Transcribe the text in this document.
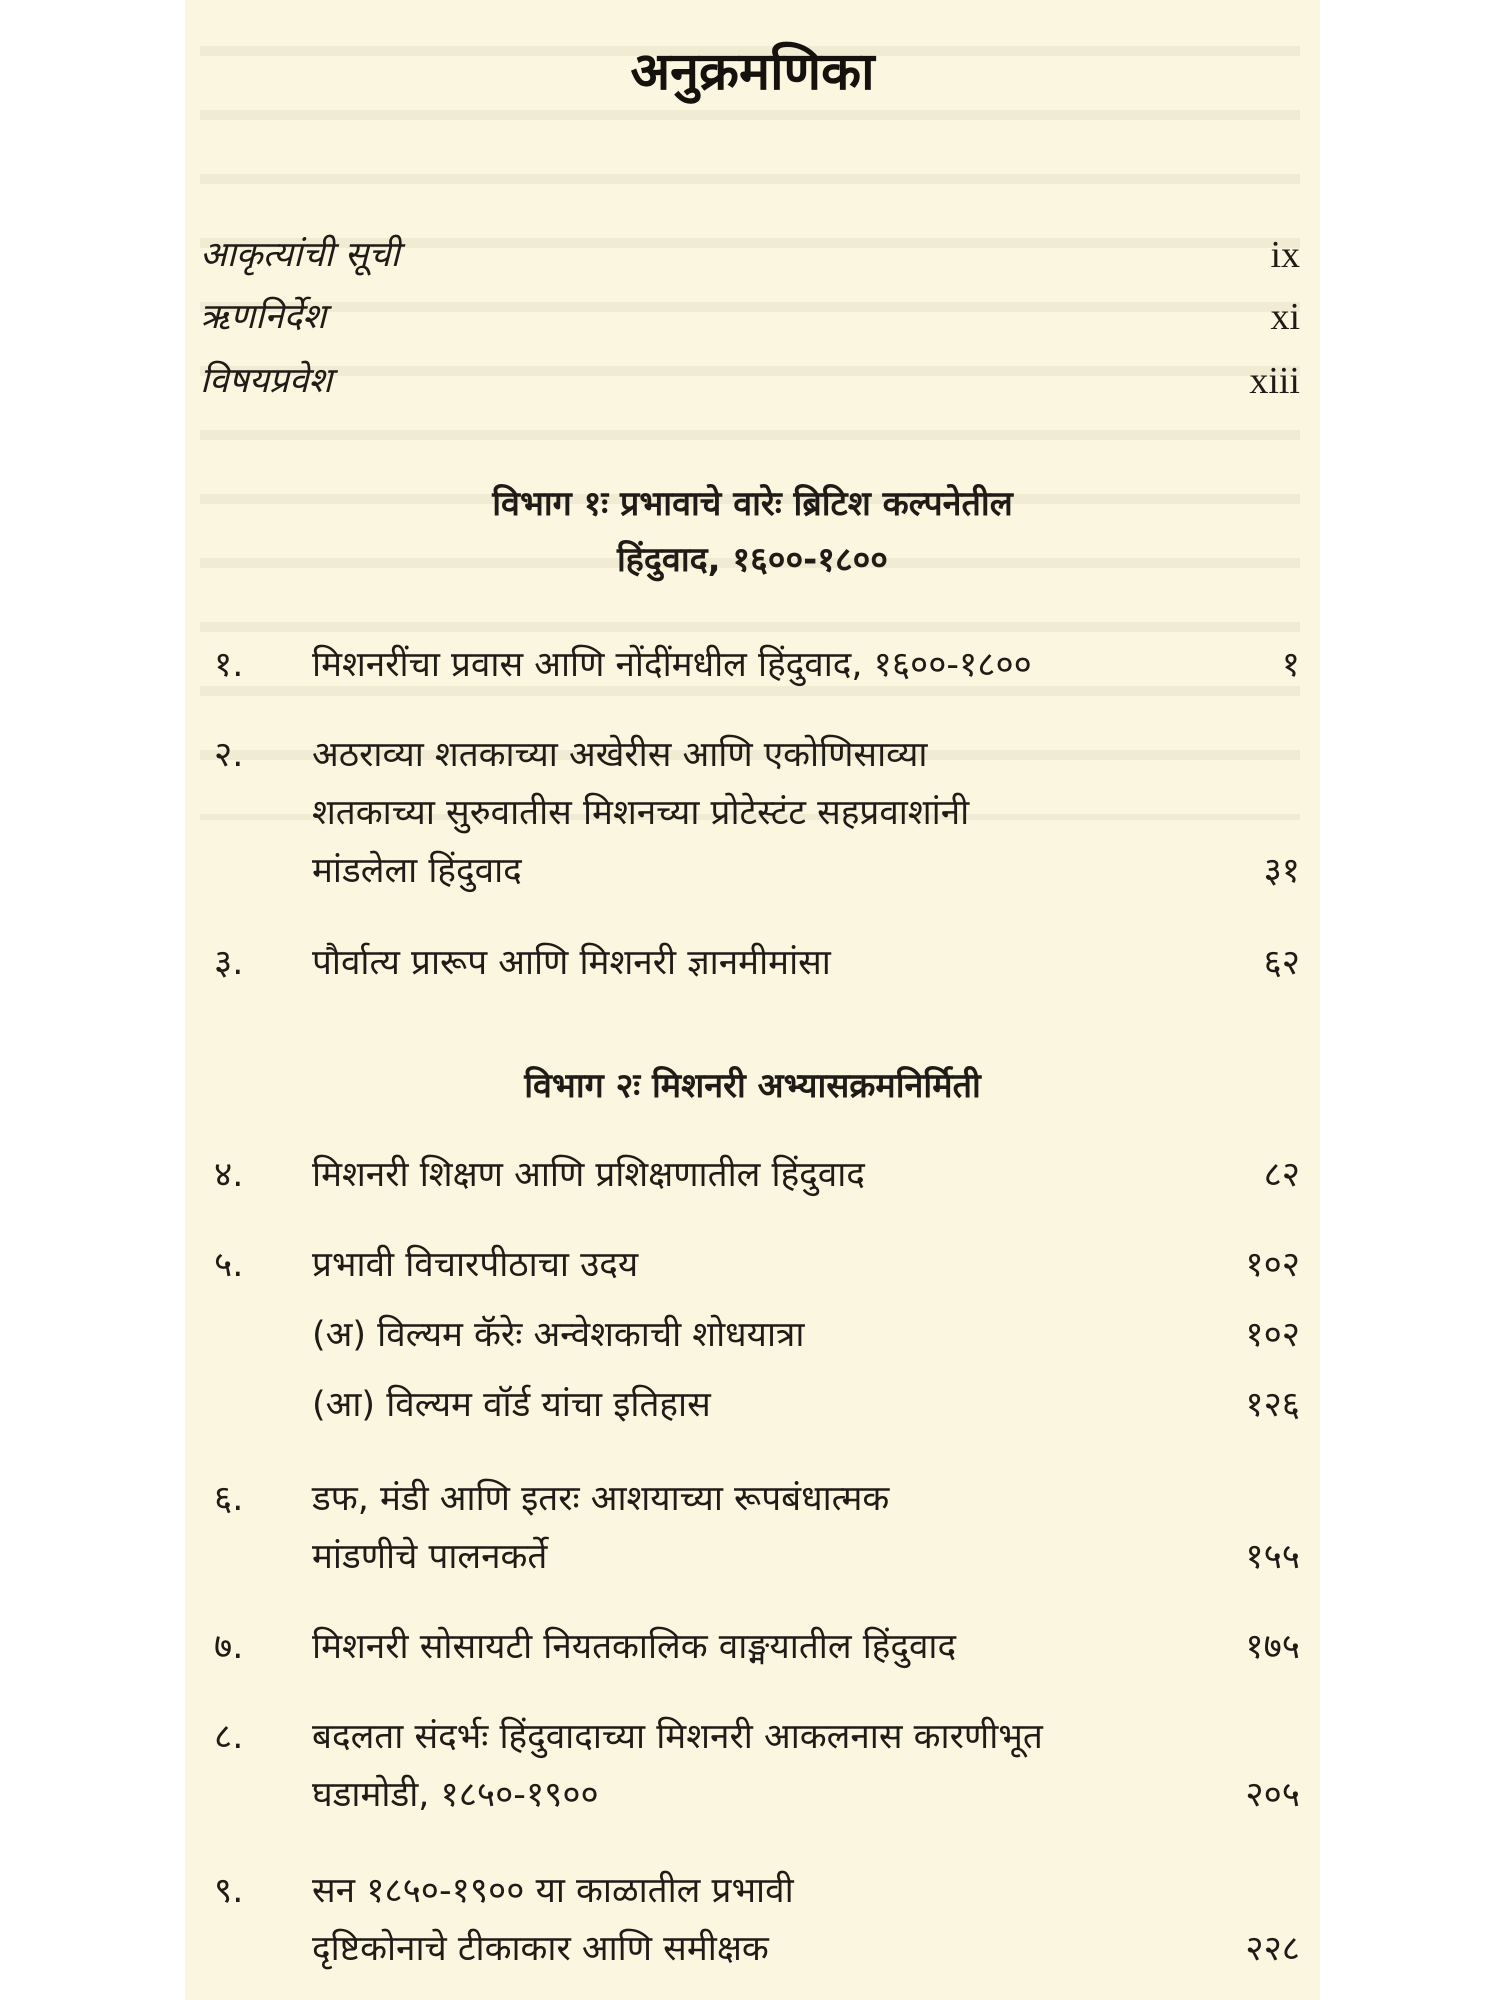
अनुक्रमणिका
आकृत्यांची सूची	ix
ऋणनिर्देश	xi
विषयप्रवेश	xiii
विभाग १ः प्रभावाचे वारेः ब्रिटिश कल्पनेतील
हिंदुवाद, १६००-१८००
१. मिशनरींचा प्रवास आणि नोंदींमधील हिंदुवाद, १६००-१८००	१
२. अठराव्या शतकाच्या अखेरीस आणि एकोणिसाव्या
शतकाच्या सुरुवातीस मिशनच्या प्रोटेस्टंट सहप्रवाशांनी
मांडलेला हिंदुवाद	३१
३. पौर्वात्य प्रारूप आणि मिशनरी ज्ञानमीमांसा	६२
विभाग २ः मिशनरी अभ्यासक्रमनिर्मिती
४. मिशनरी शिक्षण आणि प्रशिक्षणातील हिंदुवाद	८२
५. प्रभावी विचारपीठाचा उदय	१०२
(अ) विल्यम कॅरेः अन्वेशकाची शोधयात्रा	१०२
(आ) विल्यम वॉर्ड यांचा इतिहास	१२६
६. डफ, मंडी आणि इतरः आशयाच्या रूपबंधात्मक
मांडणीचे पालनकर्ते	१५५
७. मिशनरी सोसायटी नियतकालिक वाङ्मयातील हिंदुवाद	१७५
८. बदलता संदर्भः हिंदुवादाच्या मिशनरी आकलनास कारणीभूत
घडामोडी, १८५०-१९००	२०५
९. सन १८५०-१९०० या काळातील प्रभावी
दृष्टिकोनाचे टीकाकार आणि समीक्षक	२२८
